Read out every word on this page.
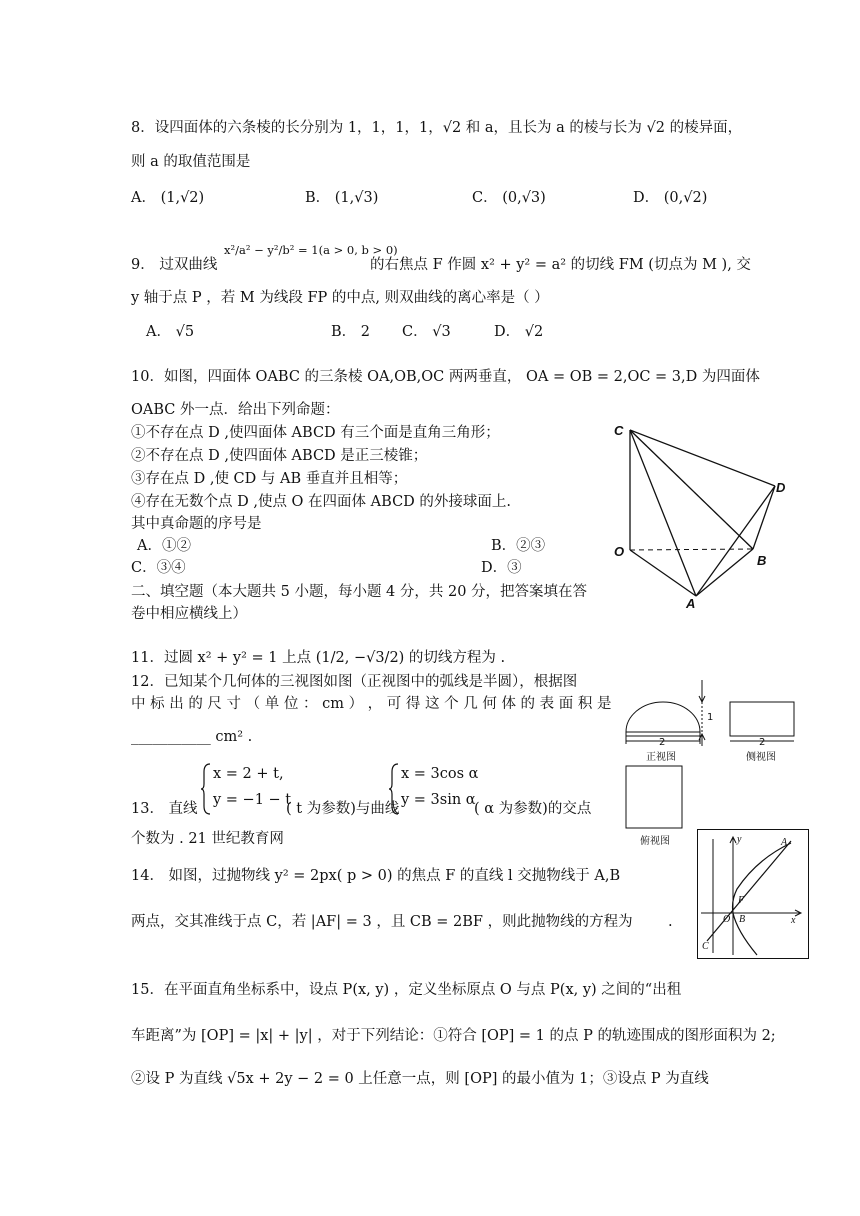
8．设四面体的六条棱的长分别为 1，1，1，1，√2 和 a，且长为 a 的棱与长为 √2 的棱异面，
则 a 的取值范围是
A． (1,√2)	B． (1,√3)	C． (0,√3)	D． (0,√2)
9． 过双曲线
x²/a² − y²/b² = 1(a > 0, b > 0)
的右焦点 F 作圆 x² + y² = a² 的切线 FM (切点为 M ), 交
y 轴于点 P ，若 M 为线段 FP 的中点, 则双曲线的离心率是（ ）
A． √5	B． 2 C． √3	D． √2
10．如图，四面体 OABC 的三条棱 OA,OB,OC 两两垂直， OA = OB = 2,OC = 3,D 为四面体
OABC 外一点．给出下列命题：
①不存在点 D ,使四面体 ABCD 有三个面是直角三角形；
②不存在点 D ,使四面体 ABCD 是正三棱锥；
③存在点 D ,使 CD 与 AB 垂直并且相等；
④存在无数个点 D ,使点 O 在四面体 ABCD 的外接球面上.
其中真命题的序号是
A．①②	B．②③
C．③④	D．③
C
O
A
B
D
二、填空题（本大题共 5 小题，每小题 4 分，共 20 分，把答案填在答
卷中相应横线上）
11．过圆 x² + y² = 1 上点 (1/2, −√3/2) 的切线方程为 .
12．已知某个几何体的三视图如图（正视图中的弧线是半圆），根据图
中 标 出 的 尺 寸 （ 单 位 ： cm ） ， 可 得 这 个 几 何 体 的 表 面 积 是
___________ cm² .	2	2
1
正视图	侧视图
俯视图
13． 直线
x = 2 + t,
y = −1 − t
( t 为参数)与曲线
x = 3cos α
y = 3sin α
( α 为参数)的交点
个数为 . 21 世纪教育网
14． 如图，过抛物线 y² = 2px( p > 0) 的焦点 F 的直线 l 交抛物线于 A,B
两点，交其准线于点 C，若 |AF| = 3 ，且 CB = 2BF ，则此抛物线的方程为 .
y
x
A
F
O B
C
15．在平面直角坐标系中，设点 P(x, y) ，定义坐标原点 O 与点 P(x, y) 之间的“出租
车距离”为 [OP] = |x| + |y| ，对于下列结论：①符合 [OP] = 1 的点 P 的轨迹围成的图形面积为 2;
②设 P 为直线 √5x + 2y − 2 = 0 上任意一点，则 [OP] 的最小值为 1；③设点 P 为直线
